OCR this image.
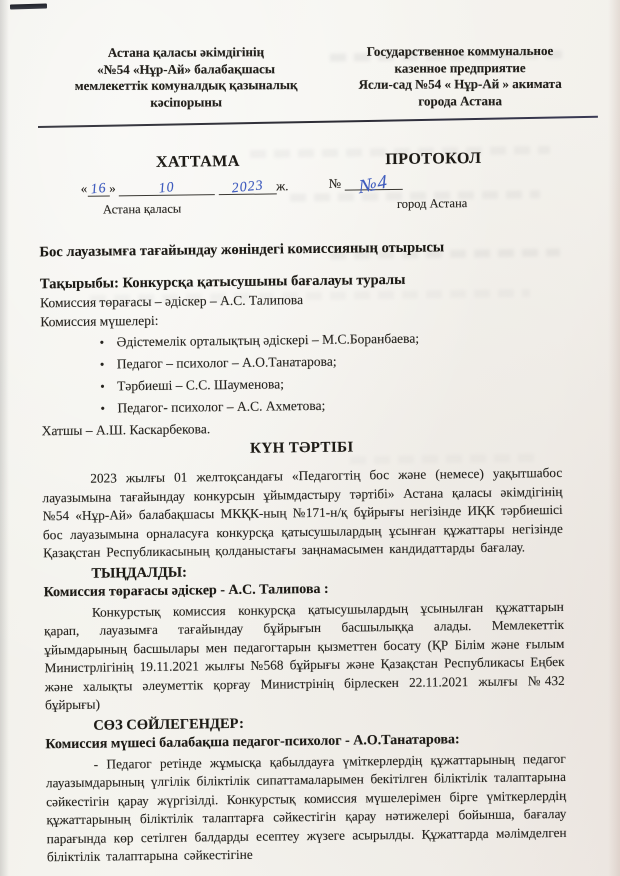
Астана қаласы әкімдігінің
«№54 «Нұр-Ай» балабақшасы
мемлекеттік комуналдық қазыналық
кәсіпорыны
Государственное коммунальное
казенное предприятие
Ясли-сад №54 « Нұр-Ай » акимата
города Астана
ХАТТАМА
« 16 »	10	2023 ж.
Астана қаласы
ПРОТОКОЛ
№ №4
город Астана

Бос лауазымға тағайындау жөніндегі комиссияның отырысы

Тақырыбы: Конкурсқа қатысушыны бағалауы туралы

Комиссия төрағасы – әдіскер – А.С. Талипова

Комиссия мүшелері:

• Әдістемелік орталықтың әдіскері – М.С.Боранбаева;
• Педагог – психолог – А.О.Танатарова;
• Тәрбиеші – С.С. Шауменова;
• Педагог- психолог – А.С. Ахметова;

Хатшы – А.Ш. Каскарбекова.

КҮН ТӘРТІБІ

2023 жылғы 01 желтоқсандағы «Педагогтің бос және (немесе) уақытшабос лауазымына тағайындау конкурсын ұйымдастыру тәртібі» Астана қаласы әкімдігінің №54 «Нұр-Ай» балабақшасы МКҚК-ның №171-н/қ бұйрығы негізінде ИҚК тәрбиешісі бос лауазымына орналасуға конкурсқа қатысушылардың ұсынған құжаттары негізінде Қазақстан Республикасының қолданыстағы заңнамасымен кандидаттарды бағалау.

ТЫҢДАЛДЫ:

Комиссия төрағасы әдіскер - А.С. Талипова :

Конкурстық комиссия конкурсқа қатысушылардың ұсынылған құжаттарын қарап, лауазымға тағайындау бұйрығын басшылыққа алады. Мемлекеттік ұйымдарының басшылары мен педагогтарын қызметтен босату (ҚР Білім және ғылым Министрлігінің 19.11.2021 жылғы №568 бұйрығы және Қазақстан Республикасы Еңбек және халықты әлеуметтік қорғау Министрінің бірлескен 22.11.2021 жылғы №432 бұйрығы)

СӨЗ СӨЙЛЕГЕНДЕР:

Комиссия мүшесі балабақша педагог-психолог - А.О.Танатарова:

- Педагог ретінде жұмысқа қабылдауға үміткерлердің құжаттарының педагог лауазымдарының үлгілік біліктілік сипаттамаларымен бекітілген біліктілік талаптарына сәйкестігін қарау жүргізілді. Конкурстық комиссия мүшелерімен бірге үміткерлердің құжаттарының біліктілік талаптарға сәйкестігін қарау нәтижелері бойынша, бағалау парағында көр сетілген балдарды есептеу жүзеге асырылды. Құжаттарда мәлімделген біліктілік талаптарына сәйкестігіне
